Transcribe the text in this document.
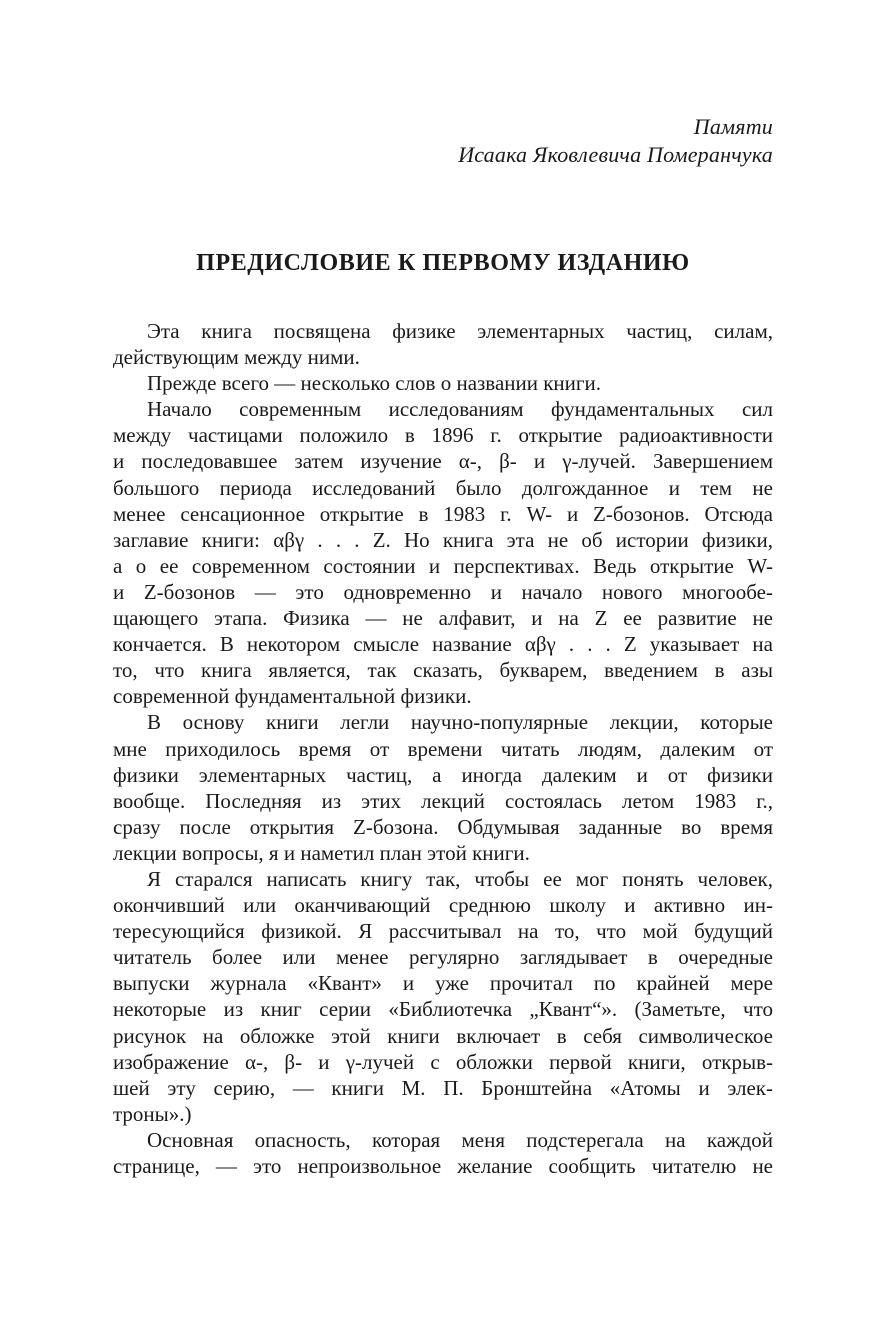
Памяти
Исаака Яковлевича Померанчука
ПРЕДИСЛОВИЕ К ПЕРВОМУ ИЗДАНИЮ
Эта книга посвящена физике элементарных частиц, силам,
действующим между ними.
Прежде всего — несколько слов о названии книги.
Начало современным исследованиям фундаментальных сил
между частицами положило в 1896 г. открытие радиоактивности
и последовавшее затем изучение α-, β- и γ-лучей. Завершением
большого периода исследований было долгожданное и тем не
менее сенсационное открытие в 1983 г. W- и Z-бозонов. Отсюда
заглавие книги: αβγ . . . Z. Но книга эта не об истории физики,
а о ее современном состоянии и перспективах. Ведь открытие W-
и Z-бозонов — это одновременно и начало нового многообе-
щающего этапа. Физика — не алфавит, и на Z ее развитие не
кончается. В некотором смысле название αβγ . . . Z указывает на
то, что книга является, так сказать, букварем, введением в азы
современной фундаментальной физики.
В основу книги легли научно-популярные лекции, которые
мне приходилось время от времени читать людям, далеким от
физики элементарных частиц, а иногда далеким и от физики
вообще. Последняя из этих лекций состоялась летом 1983 г.,
сразу после открытия Z-бозона. Обдумывая заданные во время
лекции вопросы, я и наметил план этой книги.
Я старался написать книгу так, чтобы ее мог понять человек,
окончивший или оканчивающий среднюю школу и активно ин-
тересующийся физикой. Я рассчитывал на то, что мой будущий
читатель более или менее регулярно заглядывает в очередные
выпуски журнала «Квант» и уже прочитал по крайней мере
некоторые из книг серии «Библиотечка „Квант“». (Заметьте, что
рисунок на обложке этой книги включает в себя символическое
изображение α-, β- и γ-лучей с обложки первой книги, открыв-
шей эту серию, — книги М. П. Бронштейна «Атомы и элек-
троны».)
Основная опасность, которая меня подстерегала на каждой
странице, — это непроизвольное желание сообщить читателю не
